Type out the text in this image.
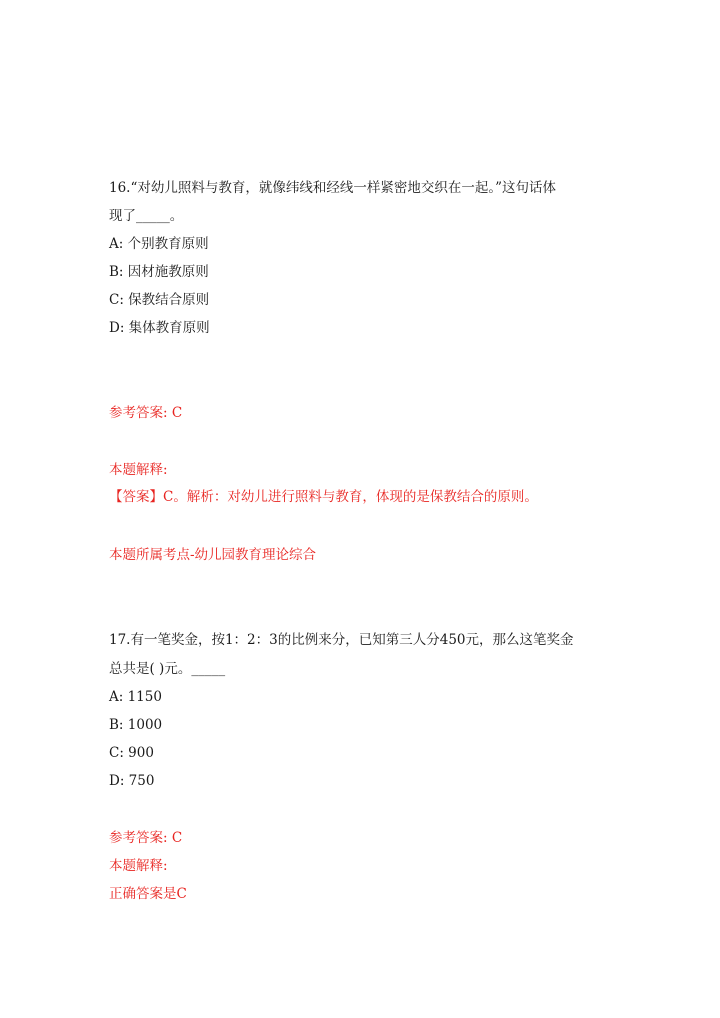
16.“对幼儿照料与教育，就像纬线和经线一样紧密地交织在一起。”这句话体
现了_____。
A: 个别教育原则
B: 因材施教原则
C: 保教结合原则
D: 集体教育原则
参考答案: C
本题解释:
【答案】C。解析：对幼儿进行照料与教育，体现的是保教结合的原则。
本题所属考点-幼儿园教育理论综合
17.有一笔奖金，按1：2：3的比例来分，已知第三人分450元，那么这笔奖金
总共是( )元。_____
A: 1150
B: 1000
C: 900
D: 750
参考答案: C
本题解释:
正确答案是C
